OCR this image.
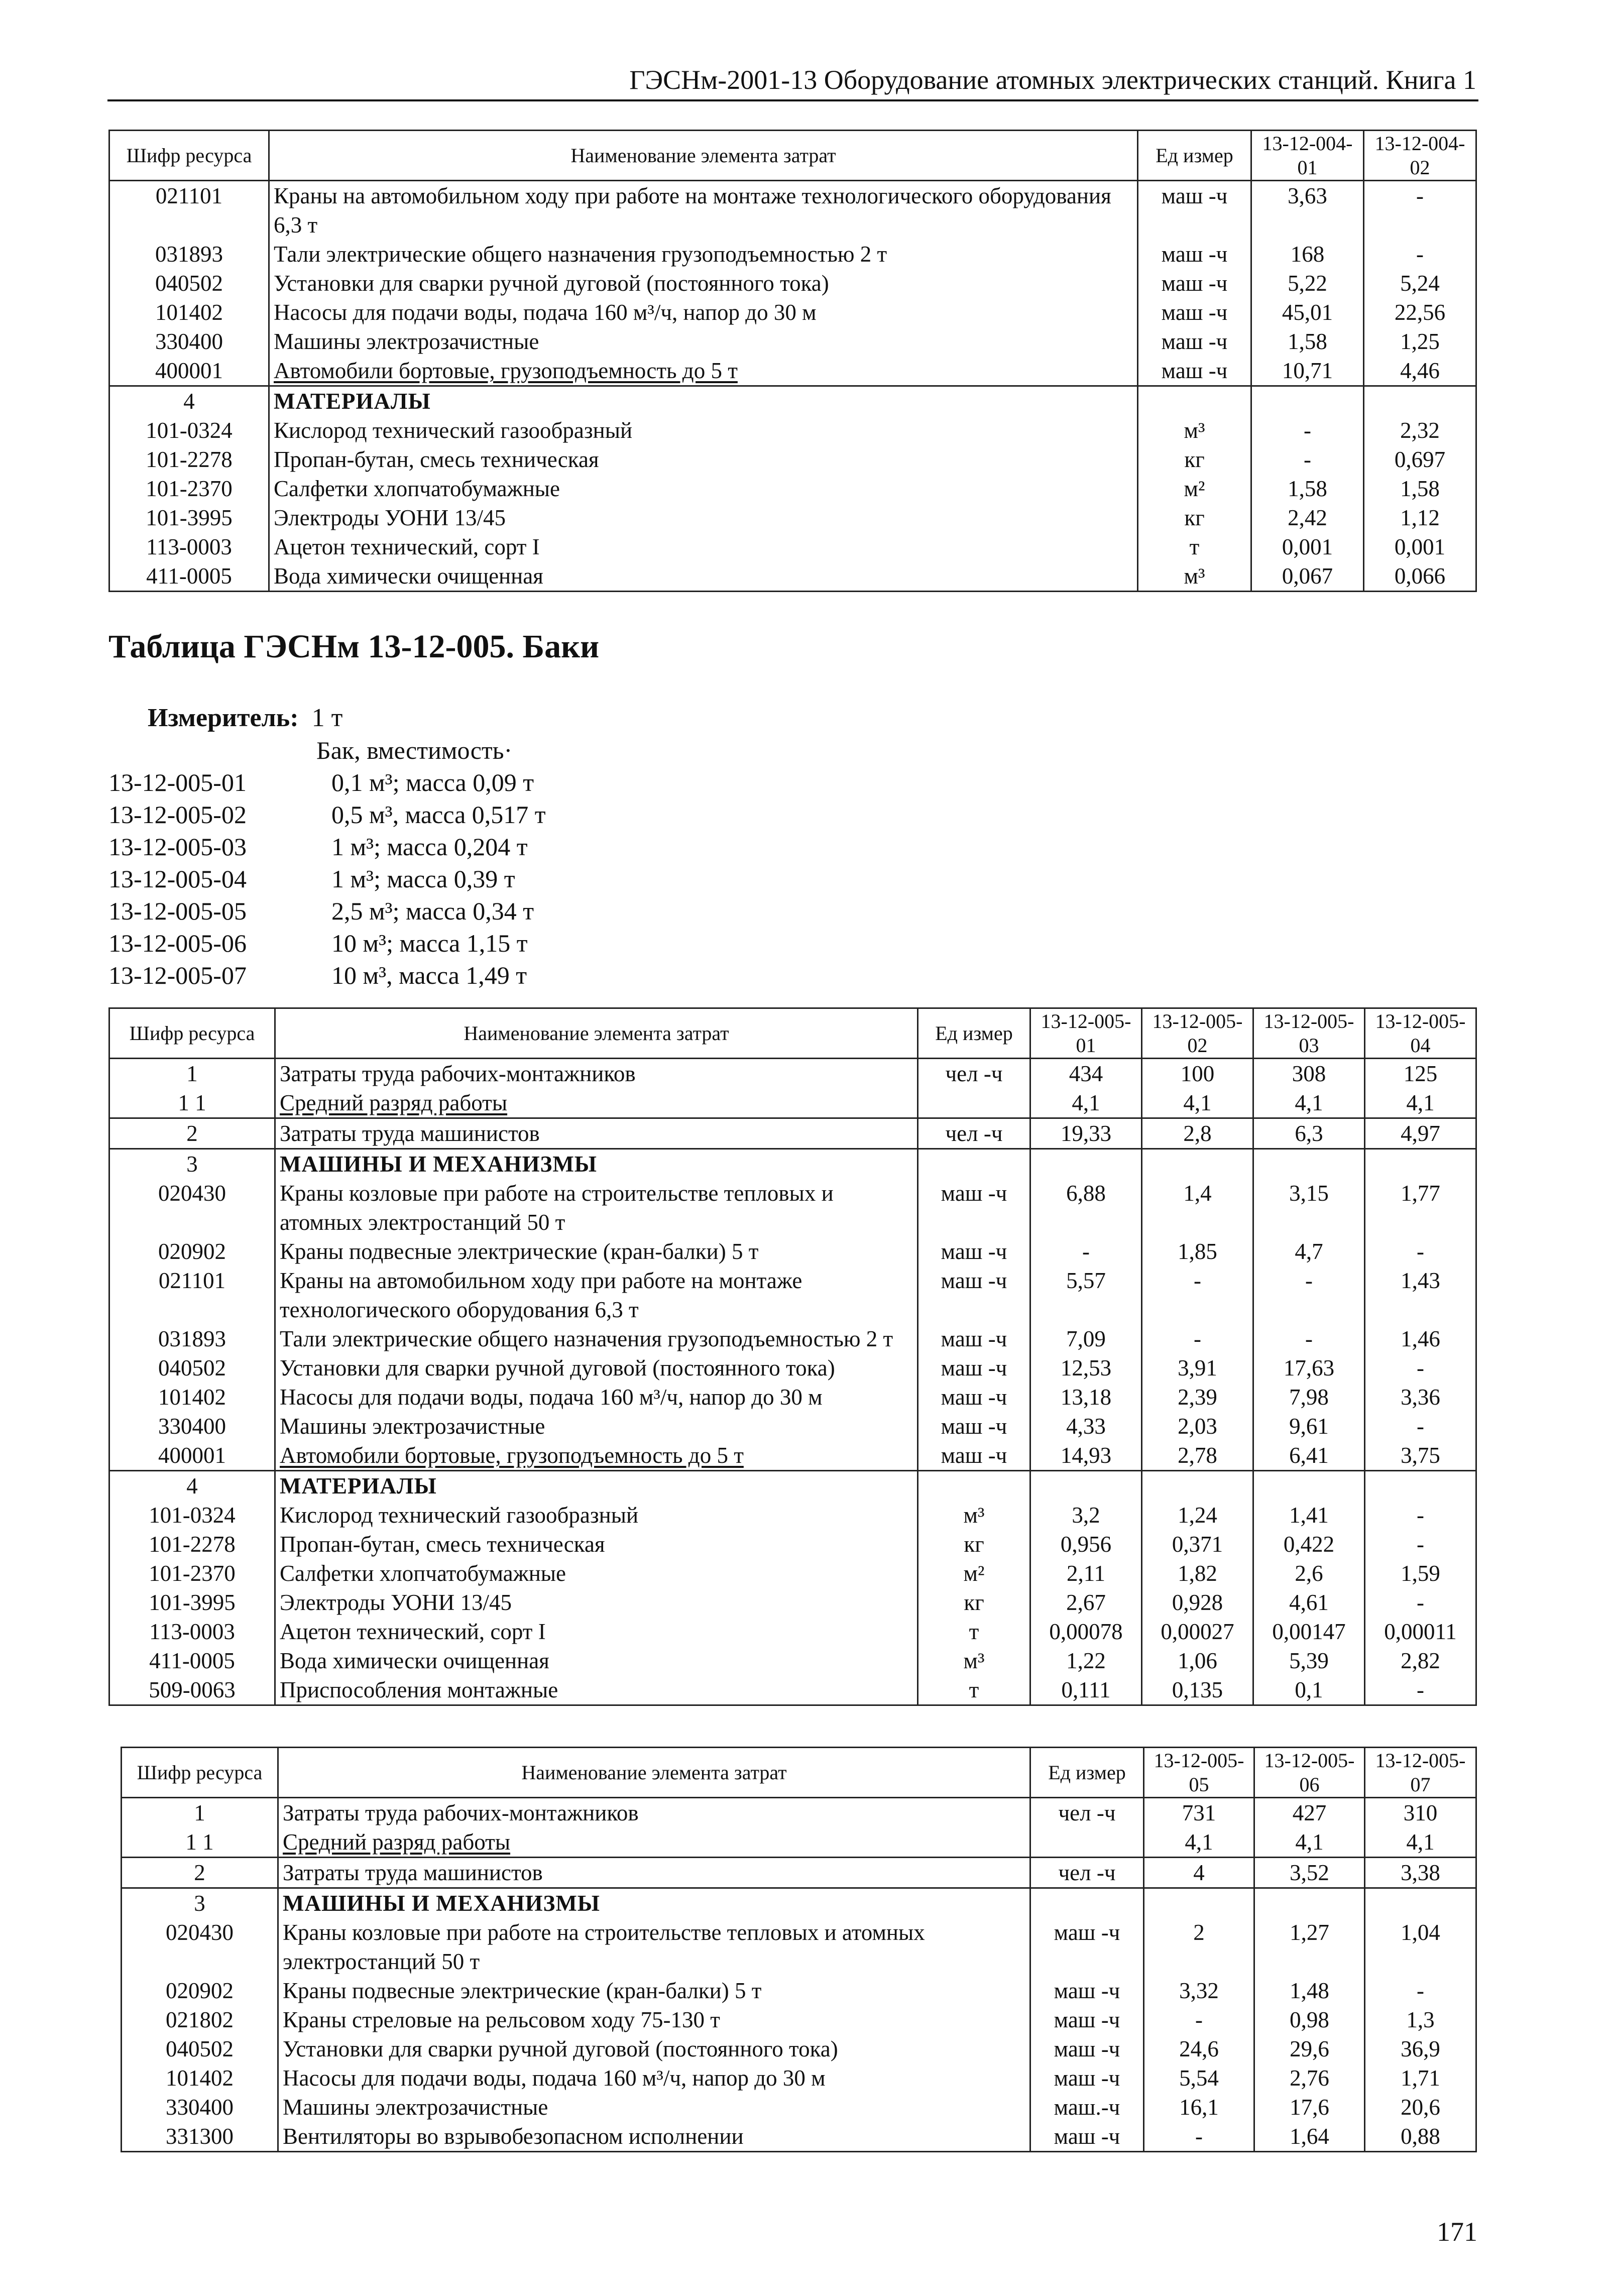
ГЭСНм-2001-13 Оборудование атомных электрических станций. Книга 1
Шифр ресурса	Наименование элемента затрат	Ед измер	13-12-004-01	13-12-004-02
021101	Краны на автомобильном ходу при работе на монтаже технологического оборудования 6,3 т	маш -ч	3,63	-
031893	Тали электрические общего назначения грузоподъемностью 2 т	маш -ч	168	-
040502	Установки для сварки ручной дуговой (постоянного тока)	маш -ч	5,22	5,24
101402	Насосы для подачи воды, подача 160 м³/ч, напор до 30 м	маш -ч	45,01	22,56
330400	Машины электрозачистные	маш -ч	1,58	1,25
400001	Автомобили бортовые, грузоподъемность до 5 т	маш -ч	10,71	4,46
4	МАТЕРИАЛЫ			
101-0324	Кислород технический газообразный	м³	-	2,32
101-2278	Пропан-бутан, смесь техническая	кг	-	0,697
101-2370	Салфетки хлопчатобумажные	м²	1,58	1,58
101-3995	Электроды УОНИ 13/45	кг	2,42	1,12
113-0003	Ацетон технический, сорт I	т	0,001	0,001
411-0005	Вода химически очищенная	м³	0,067	0,066
Таблица ГЭСНм 13-12-005. Баки
Измеритель: 1 т
Бак, вместимость·
13-12-005-01	0,1 м³; масса 0,09 т
13-12-005-02	0,5 м³, масса 0,517 т
13-12-005-03	1 м³; масса 0,204 т
13-12-005-04	1 м³; масса 0,39 т
13-12-005-05	2,5 м³; масса 0,34 т
13-12-005-06	10 м³; масса 1,15 т
13-12-005-07	10 м³, масса 1,49 т
Шифр ресурса	Наименование элемента затрат	Ед измер	13-12-005-01	13-12-005-02	13-12-005-03	13-12-005-04
1	Затраты труда рабочих-монтажников	чел -ч	434	100	308	125
1 1	Средний разряд работы		4,1	4,1	4,1	4,1
2	Затраты труда машинистов	чел -ч	19,33	2,8	6,3	4,97
3	МАШИНЫ И МЕХАНИЗМЫ					
020430	Краны козловые при работе на строительстве тепловых и атомных электростанций 50 т	маш -ч	6,88	1,4	3,15	1,77
020902	Краны подвесные электрические (кран-балки) 5 т	маш -ч	-	1,85	4,7	-
021101	Краны на автомобильном ходу при работе на монтаже технологического оборудования 6,3 т	маш -ч	5,57	-	-	1,43
031893	Тали электрические общего назначения грузоподъемностью 2 т	маш -ч	7,09	-	-	1,46
040502	Установки для сварки ручной дуговой (постоянного тока)	маш -ч	12,53	3,91	17,63	-
101402	Насосы для подачи воды, подача 160 м³/ч, напор до 30 м	маш -ч	13,18	2,39	7,98	3,36
330400	Машины электрозачистные	маш -ч	4,33	2,03	9,61	-
400001	Автомобили бортовые, грузоподъемность до 5 т	маш -ч	14,93	2,78	6,41	3,75
4	МАТЕРИАЛЫ					
101-0324	Кислород технический газообразный	м³	3,2	1,24	1,41	-
101-2278	Пропан-бутан, смесь техническая	кг	0,956	0,371	0,422	-
101-2370	Салфетки хлопчатобумажные	м²	2,11	1,82	2,6	1,59
101-3995	Электроды УОНИ 13/45	кг	2,67	0,928	4,61	-
113-0003	Ацетон технический, сорт I	т	0,00078	0,00027	0,00147	0,00011
411-0005	Вода химически очищенная	м³	1,22	1,06	5,39	2,82
509-0063	Приспособления монтажные	т	0,111	0,135	0,1	-
Шифр ресурса	Наименование элемента затрат	Ед измер	13-12-005-05	13-12-005-06	13-12-005-07
1	Затраты труда рабочих-монтажников	чел -ч	731	427	310
1 1	Средний разряд работы		4,1	4,1	4,1
2	Затраты труда машинистов	чел -ч	4	3,52	3,38
3	МАШИНЫ И МЕХАНИЗМЫ				
020430	Краны козловые при работе на строительстве тепловых и атомных электростанций 50 т	маш -ч	2	1,27	1,04
020902	Краны подвесные электрические (кран-балки) 5 т	маш -ч	3,32	1,48	-
021802	Краны стреловые на рельсовом ходу 75-130 т	маш -ч	-	0,98	1,3
040502	Установки для сварки ручной дуговой (постоянного тока)	маш -ч	24,6	29,6	36,9
101402	Насосы для подачи воды, подача 160 м³/ч, напор до 30 м	маш -ч	5,54	2,76	1,71
330400	Машины электрозачистные	маш.-ч	16,1	17,6	20,6
331300	Вентиляторы во взрывобезопасном исполнении	маш -ч	-	1,64	0,88
171
